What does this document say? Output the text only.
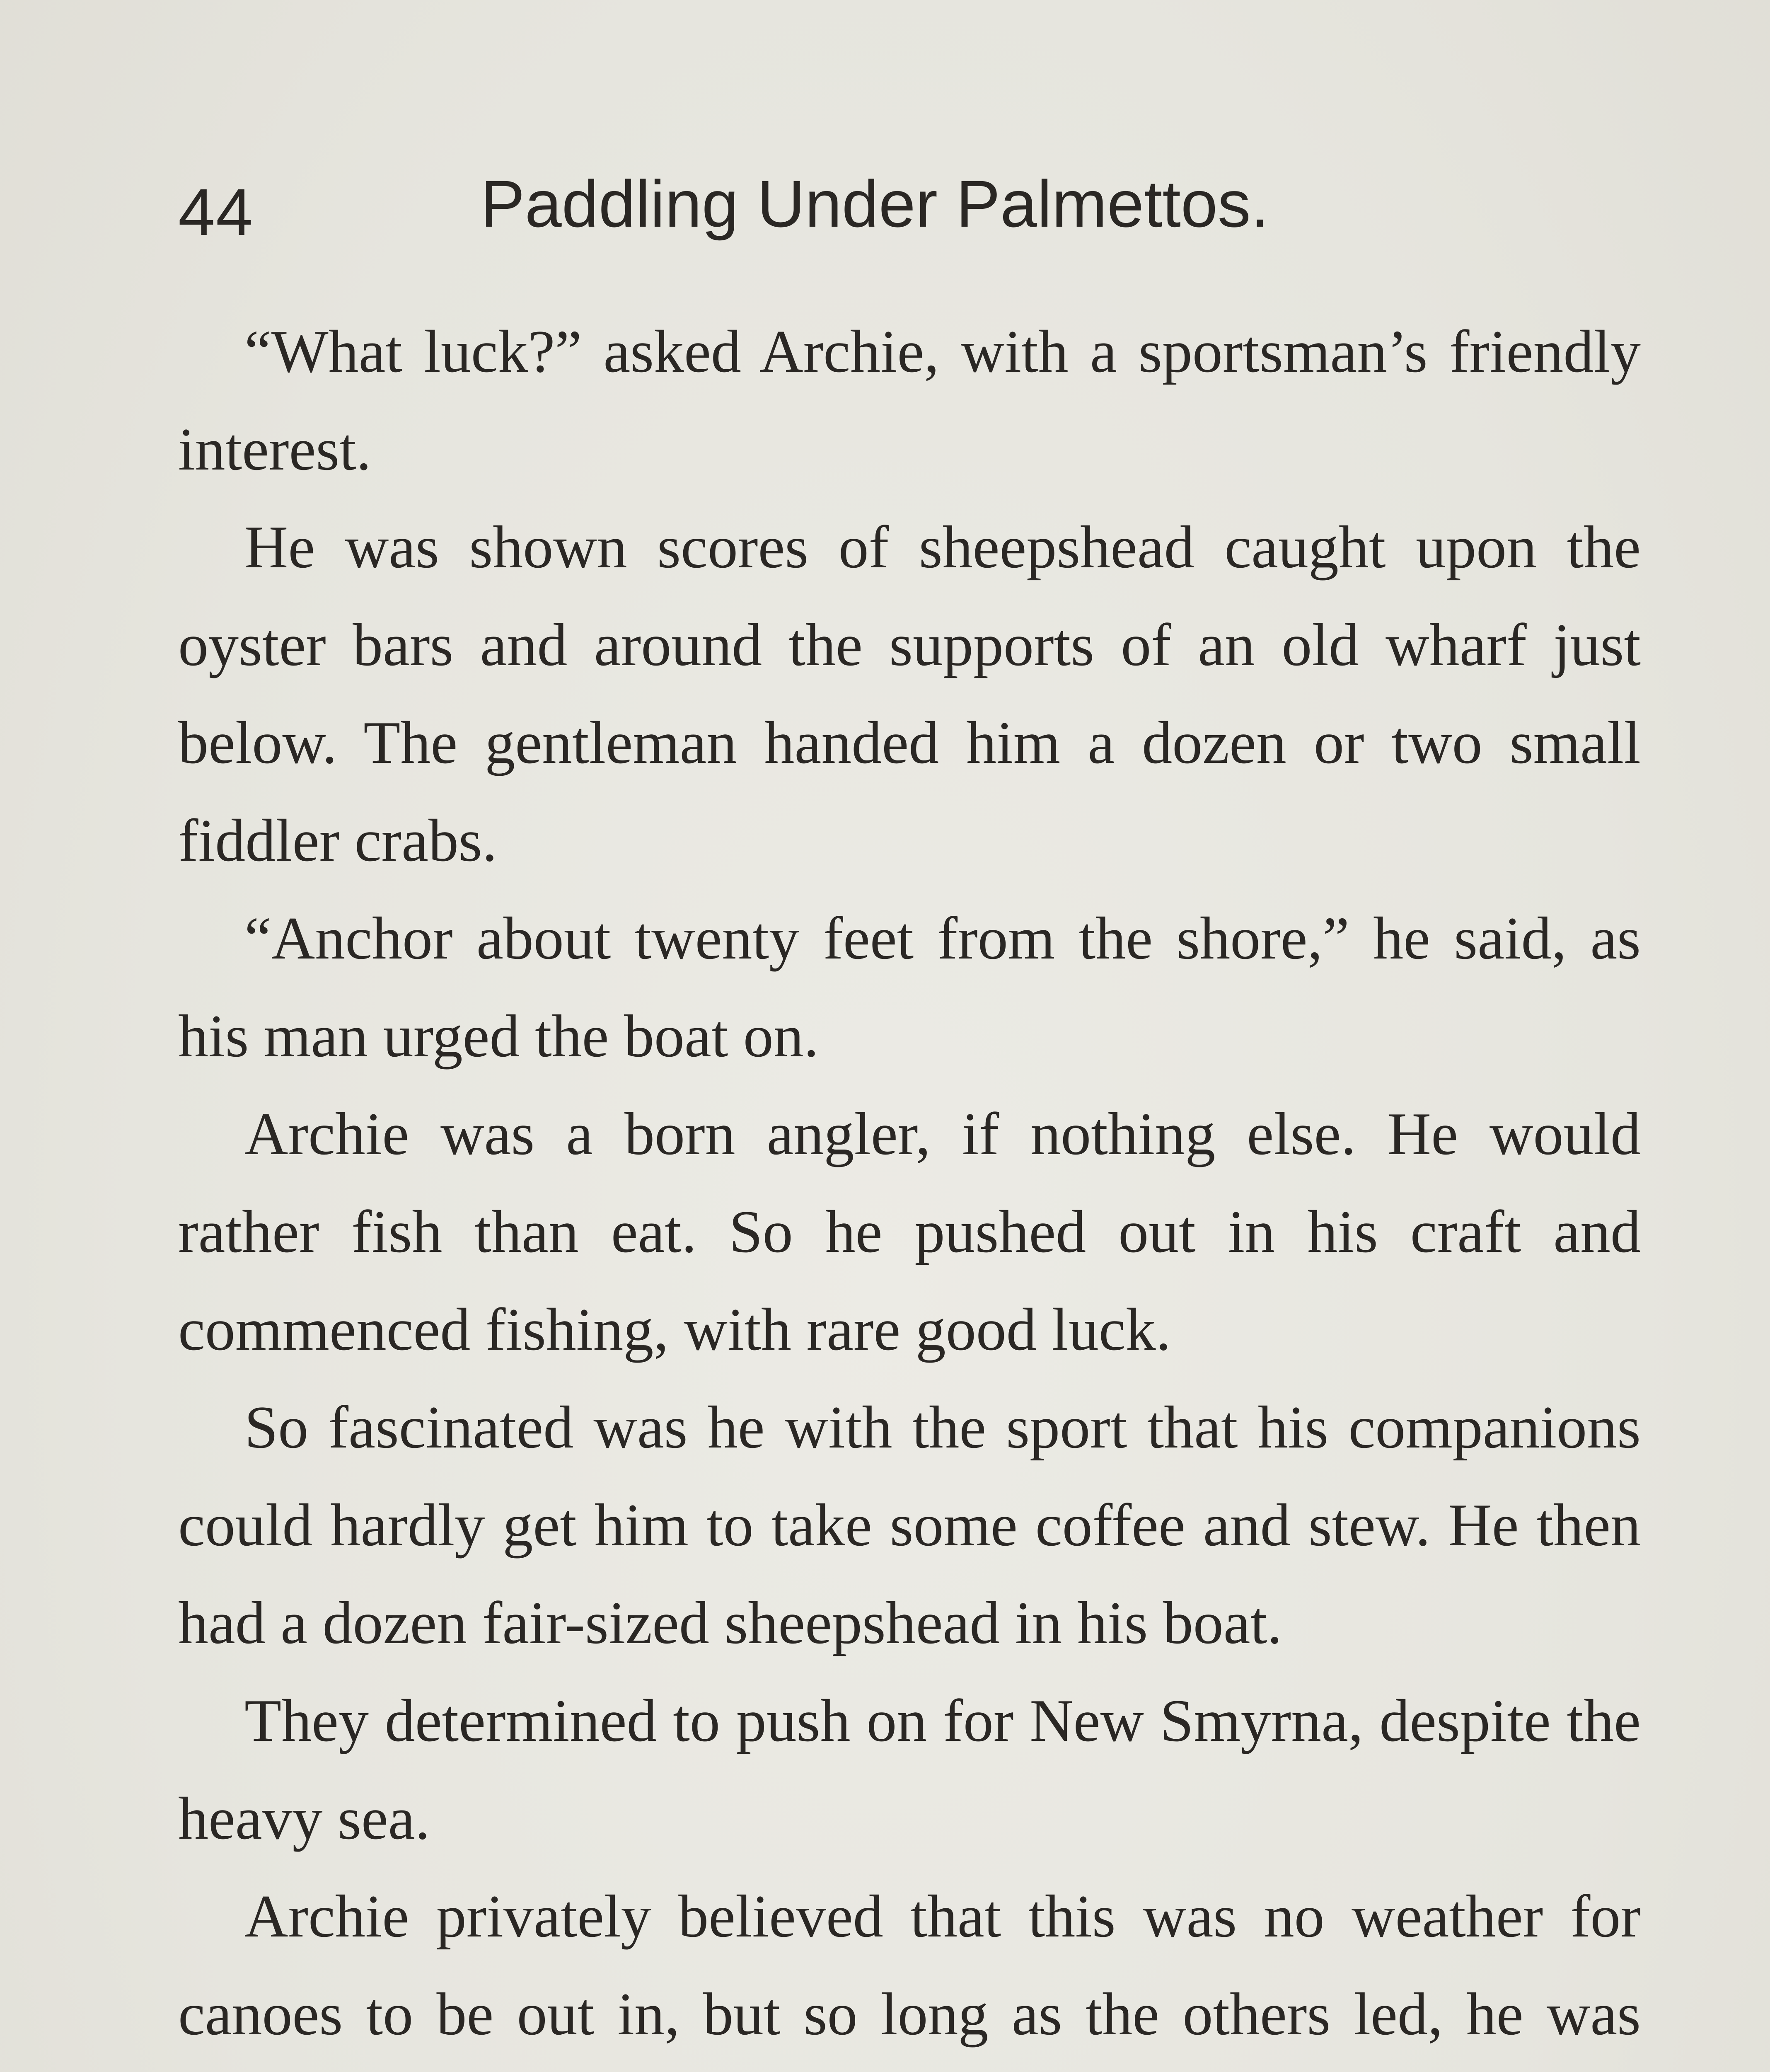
44	Paddling Under Palmettos.

“What luck?” asked Archie, with a sportsman’s friendly interest.

He was shown scores of sheepshead caught upon the oyster bars and around the supports of an old wharf just below. The gentleman handed him a dozen or two small fiddler crabs.

“Anchor about twenty feet from the shore,” he said, as his man urged the boat on.

Archie was a born angler, if nothing else. He would rather fish than eat. So he pushed out in his craft and commenced fishing, with rare good luck.

So fascinated was he with the sport that his companions could hardly get him to take some coffee and stew. He then had a dozen fair-sized sheepshead in his boat.

They determined to push on for New Smyrna, despite the heavy sea.

Archie privately believed that this was no weather for canoes to be out in, but so long as the others led, he was
